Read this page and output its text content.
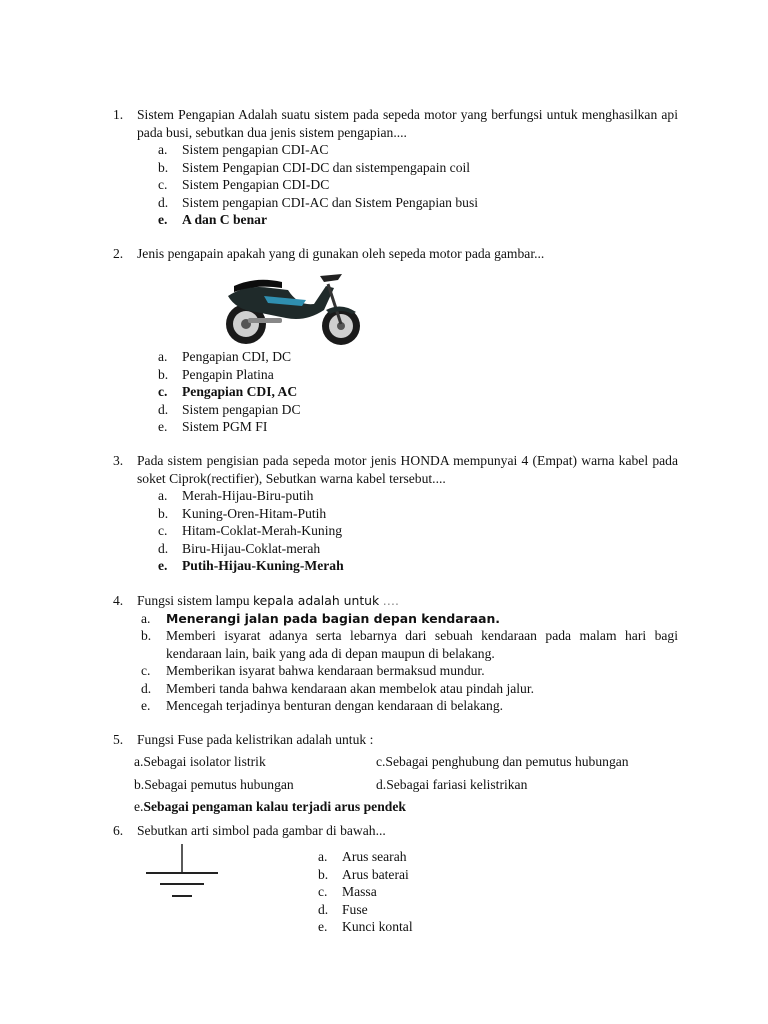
1. Sistem Pengapian Adalah suatu sistem pada sepeda motor yang berfungsi untuk menghasilkan api pada busi, sebutkan dua jenis sistem pengapian....
a. Sistem pengapian CDI-AC
b. Sistem Pengapian CDI-DC dan sistempengapain coil
c. Sistem Pengapian CDI-DC
d. Sistem pengapian CDI-AC dan Sistem Pengapian busi
e. A dan C benar
2. Jenis pengapain apakah yang di gunakan oleh sepeda motor pada gambar...
a. Pengapian CDI, DC
b. Pengapin Platina
c. Pengapian CDI, AC
d. Sistem pengapian DC
e. Sistem PGM FI
3. Pada sistem pengisian pada sepeda motor jenis HONDA mempunyai 4 (Empat) warna kabel pada soket Ciprok(rectifier), Sebutkan warna kabel tersebut....
a. Merah-Hijau-Biru-putih
b. Kuning-Oren-Hitam-Putih
c. Hitam-Coklat-Merah-Kuning
d. Biru-Hijau-Coklat-merah
e. Putih-Hijau-Kuning-Merah
4. Fungsi sistem lampu kepala adalah untuk ….
a. Menerangi jalan pada bagian depan kendaraan.
b. Memberi isyarat adanya serta lebarnya dari sebuah kendaraan pada malam hari bagi kendaraan lain, baik yang ada di depan maupun di belakang.
c. Memberikan isyarat bahwa kendaraan bermaksud mundur.
d. Memberi tanda bahwa kendaraan akan membelok atau pindah jalur.
e. Mencegah terjadinya benturan dengan kendaraan di belakang.
5. Fungsi Fuse pada kelistrikan adalah untuk :
a.Sebagai isolator listrik	c.Sebagai penghubung dan pemutus hubungan
b.Sebagai pemutus hubungan	d.Sebagai fariasi kelistrikan
e.Sebagai pengaman kalau terjadi arus pendek
6. Sebutkan arti simbol pada gambar di bawah...
a. Arus searah
b. Arus baterai
c. Massa
d. Fuse
e. Kunci kontal
